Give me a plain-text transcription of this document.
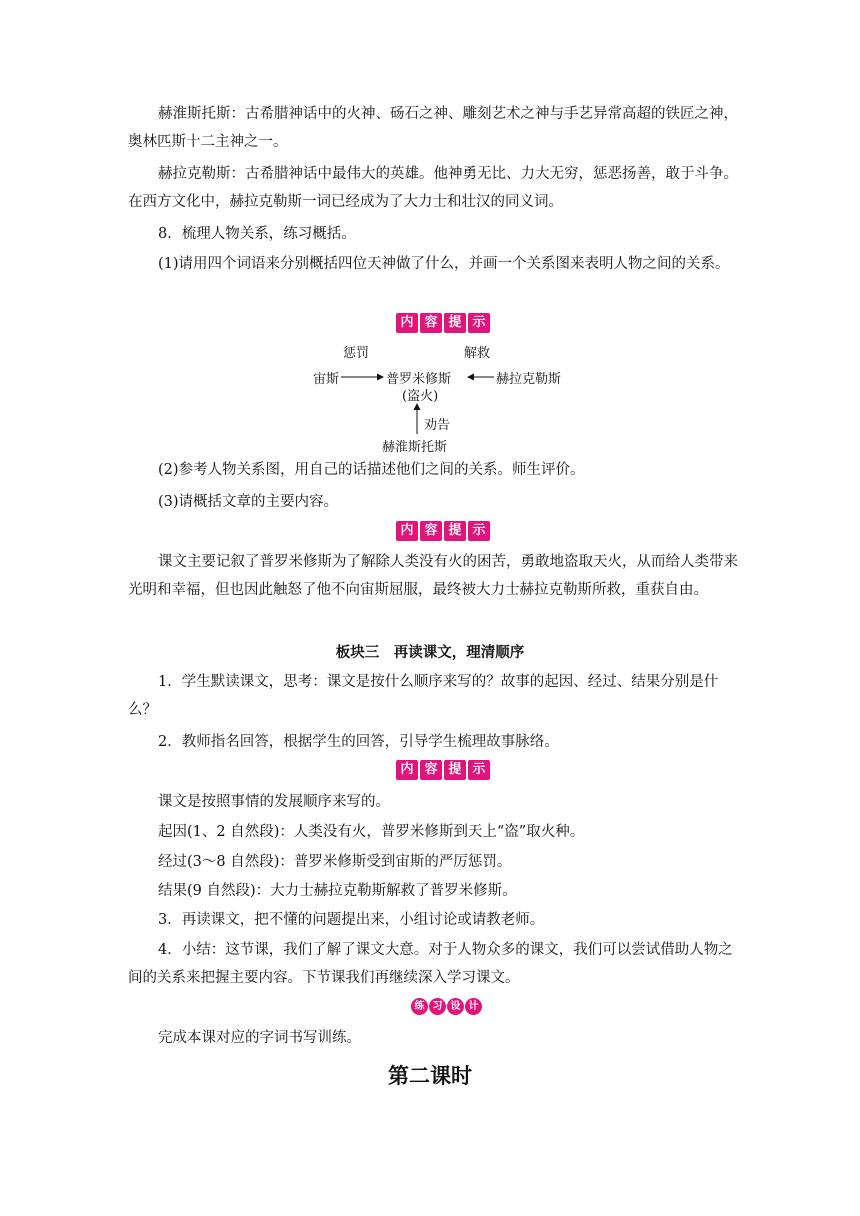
赫淮斯托斯：古希腊神话中的火神、砀石之神、雕刻艺术之神与手艺异常高超的铁匠之神，奥林匹斯十二主神之一。

赫拉克勒斯：古希腊神话中最伟大的英雄。他神勇无比、力大无穷，惩恶扬善，敢于斗争。在西方文化中，赫拉克勒斯一词已经成为了大力士和壮汉的同义词。

8．梳理人物关系，练习概括。

(1)请用四个词语来分别概括四位天神做了什么，并画一个关系图来表明人物之间的关系。

内 容 提 示
惩罚	解救
宙斯	普罗米修斯	赫拉克勒斯
(盗火)
劝告
赫淮斯托斯

(2)参考人物关系图，用自己的话描述他们之间的关系。师生评价。

(3)请概括文章的主要内容。

内 容 提 示

课文主要记叙了普罗米修斯为了解除人类没有火的困苦，勇敢地盗取天火，从而给人类带来光明和幸福，但也因此触怒了他不向宙斯屈服，最终被大力士赫拉克勒斯所救，重获自由。

板块三　再读课文，理清顺序

1．学生默读课文，思考：课文是按什么顺序来写的？故事的起因、经过、结果分别是什么？

2．教师指名回答，根据学生的回答，引导学生梳理故事脉络。

内 容 提 示

课文是按照事情的发展顺序来写的。

起因(1、2 自然段)：人类没有火，普罗米修斯到天上“盗”取火种。

经过(3～8 自然段)：普罗米修斯受到宙斯的严厉惩罚。

结果(9 自然段)：大力士赫拉克勒斯解救了普罗米修斯。

3．再读课文，把不懂的问题提出来，小组讨论或请教老师。

4．小结：这节课，我们了解了课文大意。对于人物众多的课文，我们可以尝试借助人物之间的关系来把握主要内容。下节课我们再继续深入学习课文。

练 习 设 计

完成本课对应的字词书写训练。

第二课时
